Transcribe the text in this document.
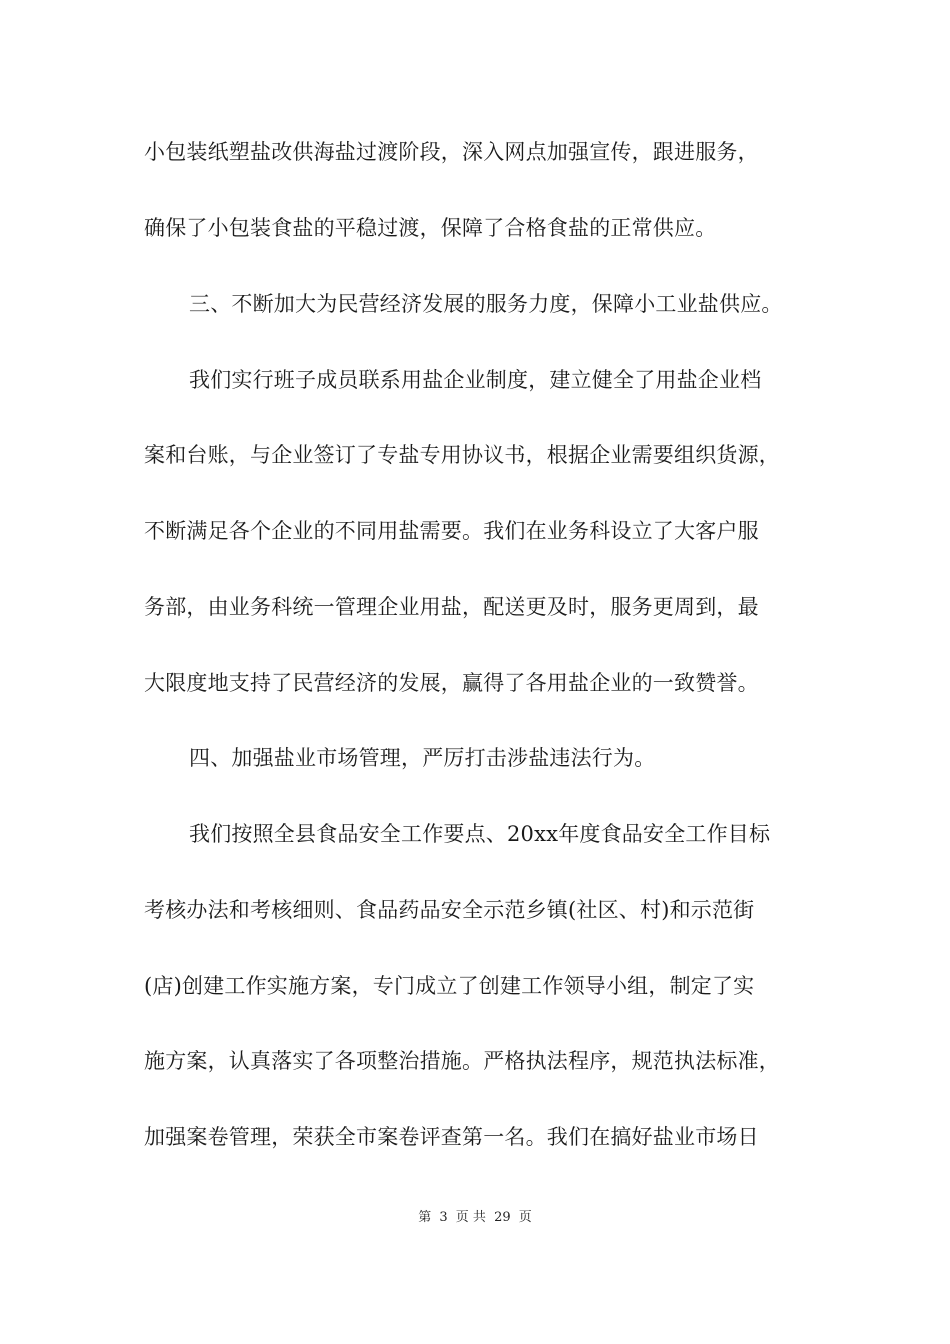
小包装纸塑盐改供海盐过渡阶段，深入网点加强宣传，跟进服务，
确保了小包装食盐的平稳过渡，保障了合格食盐的正常供应。
三、不断加大为民营经济发展的服务力度，保障小工业盐供应。
我们实行班子成员联系用盐企业制度，建立健全了用盐企业档
案和台账，与企业签订了专盐专用协议书，根据企业需要组织货源，
不断满足各个企业的不同用盐需要。我们在业务科设立了大客户服
务部，由业务科统一管理企业用盐，配送更及时，服务更周到，最
大限度地支持了民营经济的发展，赢得了各用盐企业的一致赞誉。
四、加强盐业市场管理，严厉打击涉盐违法行为。
我们按照全县食品安全工作要点、20xx年度食品安全工作目标
考核办法和考核细则、食品药品安全示范乡镇(社区、村)和示范街
(店)创建工作实施方案，专门成立了创建工作领导小组，制定了实
施方案，认真落实了各项整治措施。严格执法程序，规范执法标准，
加强案卷管理，荣获全市案卷评查第一名。我们在搞好盐业市场日
第 3 页 共 29 页
